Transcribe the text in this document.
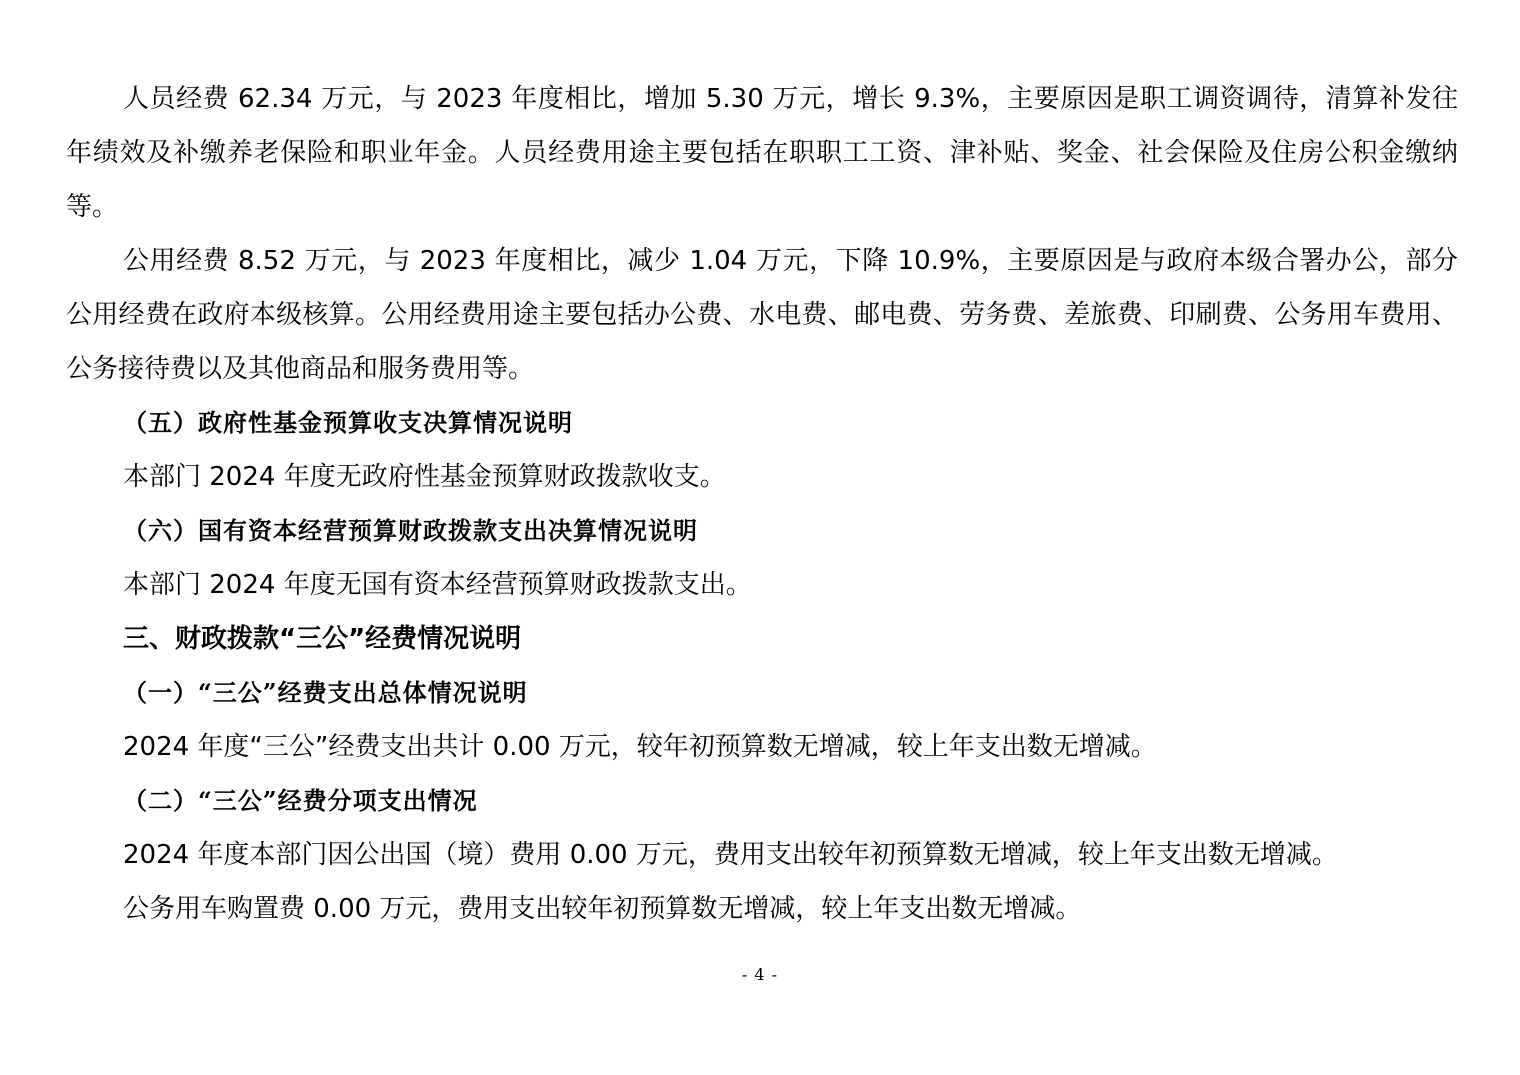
人员经费 62.34 万元，与 2023 年度相比，增加 5.30 万元，增长 9.3%，主要原因是职工调资调待，清算补发往年绩效及补缴养老保险和职业年金。人员经费用途主要包括在职职工工资、津补贴、奖金、社会保险及住房公积金缴纳等。

公用经费 8.52 万元，与 2023 年度相比，减少 1.04 万元，下降 10.9%，主要原因是与政府本级合署办公，部分公用经费在政府本级核算。公用经费用途主要包括办公费、水电费、邮电费、劳务费、差旅费、印刷费、公务用车费用、公务接待费以及其他商品和服务费用等。

（五）政府性基金预算收支决算情况说明

本部门 2024 年度无政府性基金预算财政拨款收支。

（六）国有资本经营预算财政拨款支出决算情况说明

本部门 2024 年度无国有资本经营预算财政拨款支出。

三、财政拨款“三公”经费情况说明

（一）“三公”经费支出总体情况说明

2024 年度“三公”经费支出共计 0.00 万元，较年初预算数无增减，较上年支出数无增减。

（二）“三公”经费分项支出情况

2024 年度本部门因公出国（境）费用 0.00 万元，费用支出较年初预算数无增减，较上年支出数无增减。

公务用车购置费 0.00 万元，费用支出较年初预算数无增减，较上年支出数无增减。

- 4 -
